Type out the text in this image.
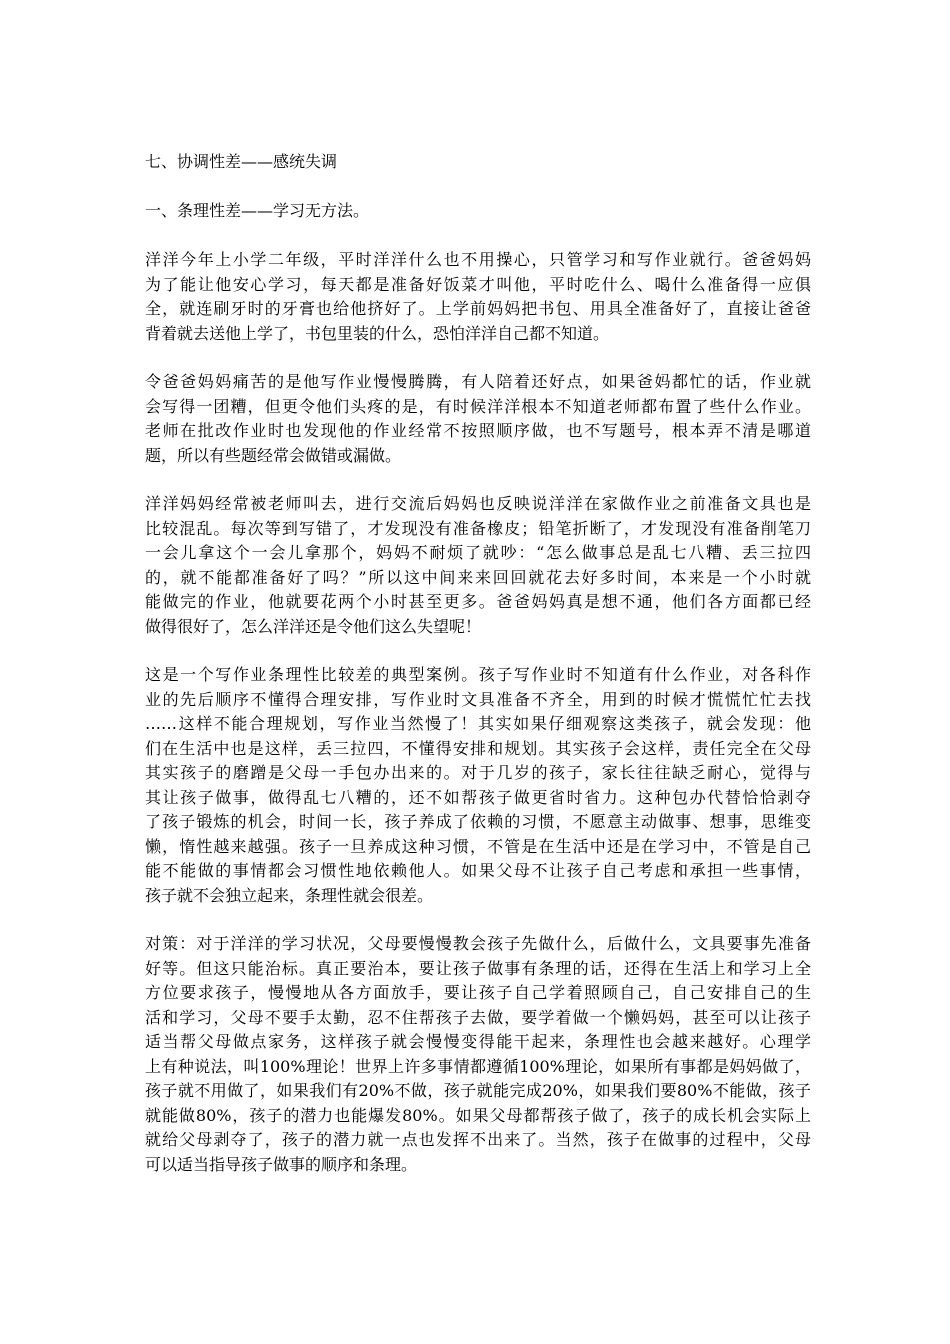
七、协调性差——感统失调
一、条理性差——学习无方法。
洋洋今年上小学二年级，平时洋洋什么也不用操心，只管学习和写作业就行。爸爸妈妈
为了能让他安心学习，每天都是准备好饭菜才叫他，平时吃什么、喝什么准备得一应俱
全，就连刷牙时的牙膏也给他挤好了。上学前妈妈把书包、用具全准备好了，直接让爸爸
背着就去送他上学了，书包里装的什么，恐怕洋洋自己都不知道。
令爸爸妈妈痛苦的是他写作业慢慢腾腾，有人陪着还好点，如果爸妈都忙的话，作业就
会写得一团糟，但更令他们头疼的是，有时候洋洋根本不知道老师都布置了些什么作业。
老师在批改作业时也发现他的作业经常不按照顺序做，也不写题号，根本弄不清是哪道
题，所以有些题经常会做错或漏做。
洋洋妈妈经常被老师叫去，进行交流后妈妈也反映说洋洋在家做作业之前准备文具也是
比较混乱。每次等到写错了，才发现没有准备橡皮；铅笔折断了，才发现没有准备削笔刀
一会儿拿这个一会儿拿那个，妈妈不耐烦了就吵：“怎么做事总是乱七八糟、丢三拉四
的，就不能都准备好了吗？”所以这中间来来回回就花去好多时间，本来是一个小时就
能做完的作业，他就要花两个小时甚至更多。爸爸妈妈真是想不通，他们各方面都已经
做得很好了，怎么洋洋还是令他们这么失望呢！
这是一个写作业条理性比较差的典型案例。孩子写作业时不知道有什么作业，对各科作
业的先后顺序不懂得合理安排，写作业时文具准备不齐全，用到的时候才慌慌忙忙去找
……这样不能合理规划，写作业当然慢了！其实如果仔细观察这类孩子，就会发现：他
们在生活中也是这样，丢三拉四，不懂得安排和规划。其实孩子会这样，责任完全在父母
其实孩子的磨蹭是父母一手包办出来的。对于几岁的孩子，家长往往缺乏耐心，觉得与
其让孩子做事，做得乱七八糟的，还不如帮孩子做更省时省力。这种包办代替恰恰剥夺
了孩子锻炼的机会，时间一长，孩子养成了依赖的习惯，不愿意主动做事、想事，思维变
懒，惰性越来越强。孩子一旦养成这种习惯，不管是在生活中还是在学习中，不管是自己
能不能做的事情都会习惯性地依赖他人。如果父母不让孩子自己考虑和承担一些事情，
孩子就不会独立起来，条理性就会很差。
对策：对于洋洋的学习状况，父母要慢慢教会孩子先做什么，后做什么，文具要事先准备
好等。但这只能治标。真正要治本，要让孩子做事有条理的话，还得在生活上和学习上全
方位要求孩子，慢慢地从各方面放手，要让孩子自己学着照顾自己，自己安排自己的生
活和学习，父母不要手太勤，忍不住帮孩子去做，要学着做一个懒妈妈，甚至可以让孩子
适当帮父母做点家务，这样孩子就会慢慢变得能干起来，条理性也会越来越好。心理学
上有种说法，叫100%理论！世界上许多事情都遵循100%理论，如果所有事都是妈妈做了，
孩子就不用做了，如果我们有20%不做，孩子就能完成20%，如果我们要80%不能做，孩子
就能做80%，孩子的潜力也能爆发80%。如果父母都帮孩子做了，孩子的成长机会实际上
就给父母剥夺了，孩子的潜力就一点也发挥不出来了。当然，孩子在做事的过程中，父母
可以适当指导孩子做事的顺序和条理。
